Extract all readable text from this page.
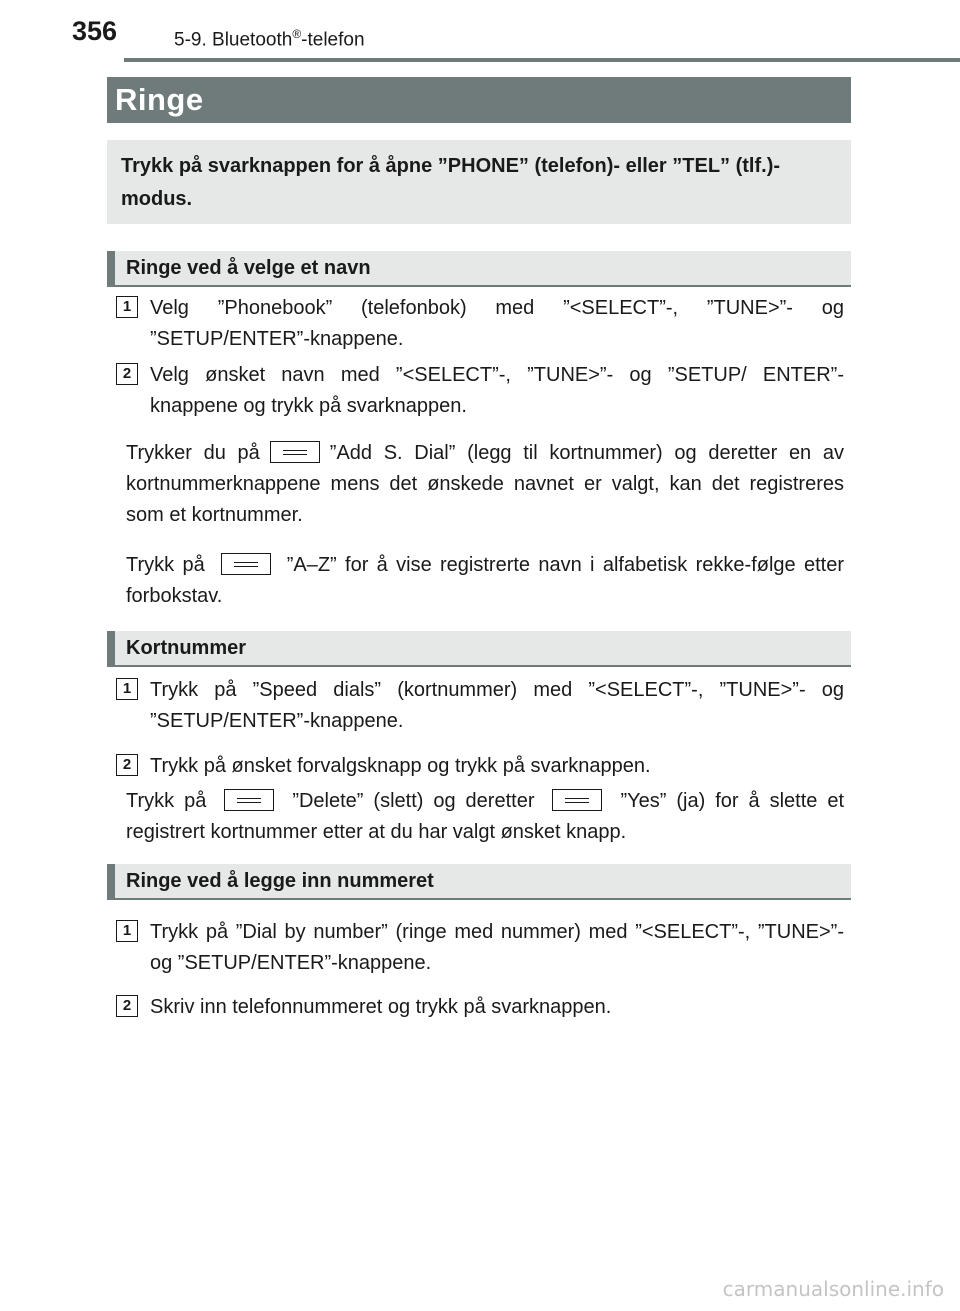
356	5-9. Bluetooth®-telefon
Ringe
Trykk på svarknappen for å åpne ”PHONE” (telefon)- eller ”TEL” (tlf.)-modus.
Ringe ved å velge et navn
1 Velg ”Phonebook” (telefonbok) med ”<SELECT”-, ”TUNE>”- og ”SETUP/ENTER”-knappene.
2 Velg ønsket navn med ”<SELECT”-, ”TUNE>”- og ”SETUP/ ENTER”-knappene og trykk på svarknappen.
Trykker du på	”Add S. Dial” (legg til kortnummer) og deretter en av kortnummerknappene mens det ønskede navnet er valgt, kan det registreres som et kortnummer.
Trykk på	”A–Z” for å vise registrerte navn i alfabetisk rekke-følge etter forbokstav.
Kortnummer
1 Trykk på ”Speed dials” (kortnummer) med ”<SELECT”-, ”TUNE>”- og ”SETUP/ENTER”-knappene.
2 Trykk på ønsket forvalgsknapp og trykk på svarknappen.
Trykk på	”Delete” (slett) og deretter	”Yes” (ja) for å slette et registrert kortnummer etter at du har valgt ønsket knapp.
Ringe ved å legge inn nummeret
1 Trykk på ”Dial by number” (ringe med nummer) med ”<SELECT”-, ”TUNE>”- og ”SETUP/ENTER”-knappene.
2 Skriv inn telefonnummeret og trykk på svarknappen.
carmanualsonline.info
